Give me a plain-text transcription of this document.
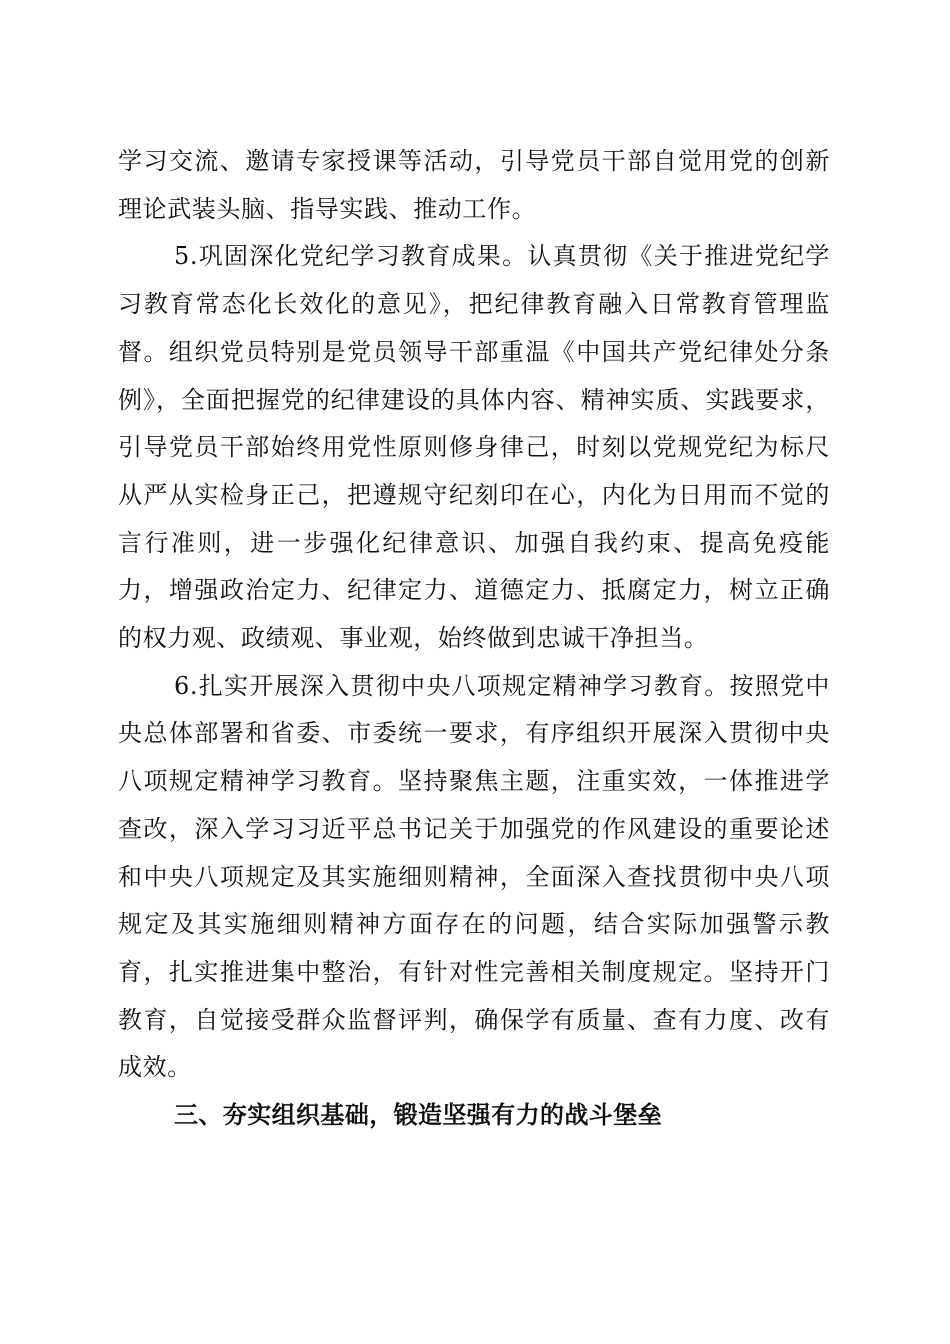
学习交流、邀请专家授课等活动，引导党员干部自觉用党的创新理论武装头脑、指导实践、推动工作。

5.巩固深化党纪学习教育成果。认真贯彻《关于推进党纪学习教育常态化长效化的意见》，把纪律教育融入日常教育管理监督。组织党员特别是党员领导干部重温《中国共产党纪律处分条例》，全面把握党的纪律建设的具体内容、精神实质、实践要求，引导党员干部始终用党性原则修身律己，时刻以党规党纪为标尺从严从实检身正己，把遵规守纪刻印在心，内化为日用而不觉的言行准则，进一步强化纪律意识、加强自我约束、提高免疫能力，增强政治定力、纪律定力、道德定力、抵腐定力，树立正确的权力观、政绩观、事业观，始终做到忠诚干净担当。

6.扎实开展深入贯彻中央八项规定精神学习教育。按照党中央总体部署和省委、市委统一要求，有序组织开展深入贯彻中央八项规定精神学习教育。坚持聚焦主题，注重实效，一体推进学查改，深入学习习近平总书记关于加强党的作风建设的重要论述和中央八项规定及其实施细则精神，全面深入查找贯彻中央八项规定及其实施细则精神方面存在的问题，结合实际加强警示教育，扎实推进集中整治，有针对性完善相关制度规定。坚持开门教育，自觉接受群众监督评判，确保学有质量、查有力度、改有成效。

三、夯实组织基础，锻造坚强有力的战斗堡垒
